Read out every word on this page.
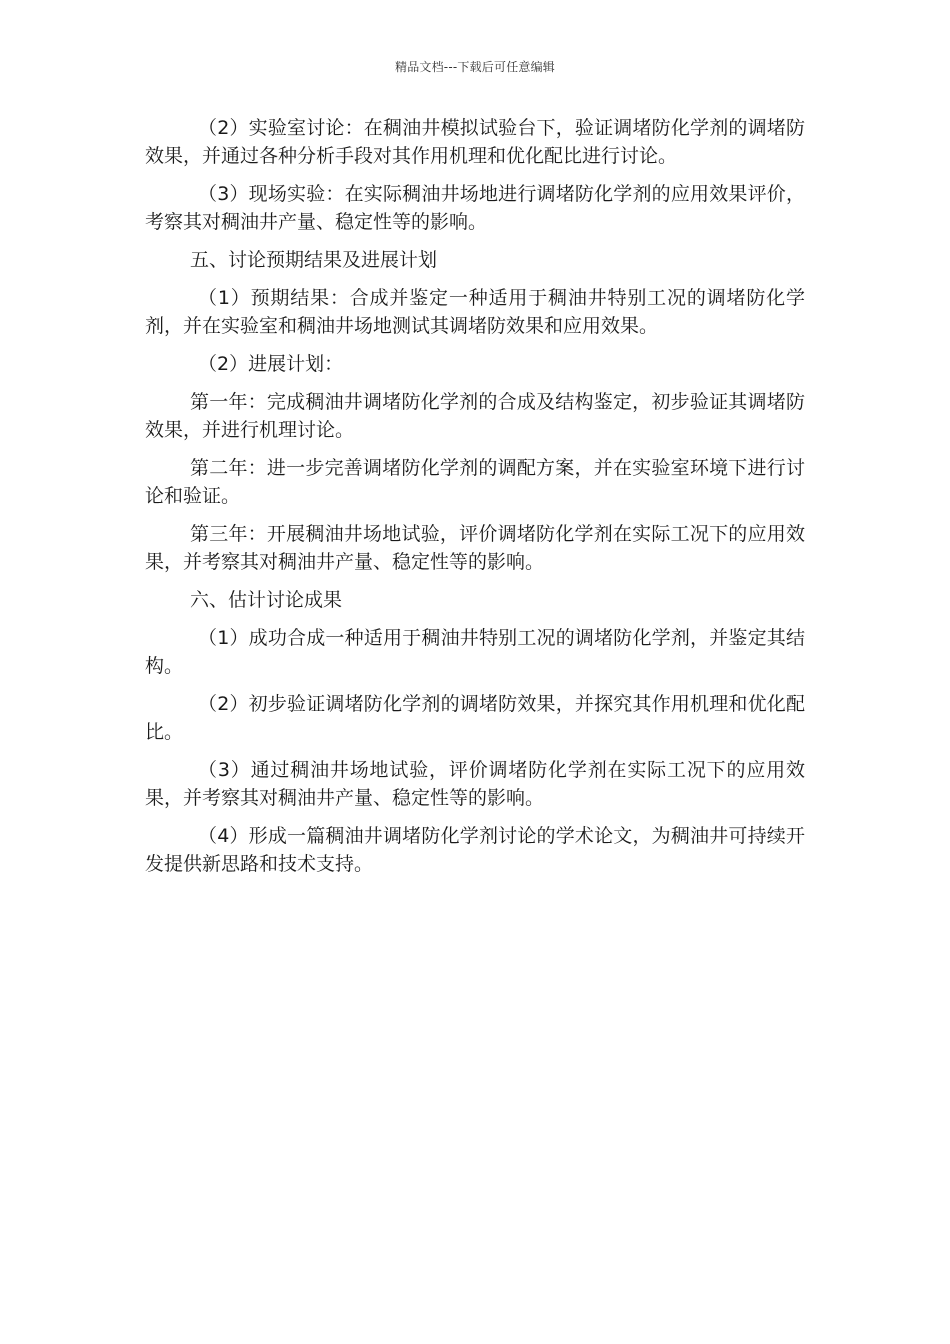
精品文档---下载后可任意编辑

（2）实验室讨论：在稠油井模拟试验台下，验证调堵防化学剂的调堵防效果，并通过各种分析手段对其作用机理和优化配比进行讨论。

（3）现场实验：在实际稠油井场地进行调堵防化学剂的应用效果评价，考察其对稠油井产量、稳定性等的影响。

五、讨论预期结果及进展计划

（1）预期结果：合成并鉴定一种适用于稠油井特别工况的调堵防化学剂，并在实验室和稠油井场地测试其调堵防效果和应用效果。

（2）进展计划：

第一年：完成稠油井调堵防化学剂的合成及结构鉴定，初步验证其调堵防效果，并进行机理讨论。

第二年：进一步完善调堵防化学剂的调配方案，并在实验室环境下进行讨论和验证。

第三年：开展稠油井场地试验，评价调堵防化学剂在实际工况下的应用效果，并考察其对稠油井产量、稳定性等的影响。

六、估计讨论成果

（1）成功合成一种适用于稠油井特别工况的调堵防化学剂，并鉴定其结构。

（2）初步验证调堵防化学剂的调堵防效果，并探究其作用机理和优化配比。

（3）通过稠油井场地试验，评价调堵防化学剂在实际工况下的应用效果，并考察其对稠油井产量、稳定性等的影响。

（4）形成一篇稠油井调堵防化学剂讨论的学术论文，为稠油井可持续开发提供新思路和技术支持。
